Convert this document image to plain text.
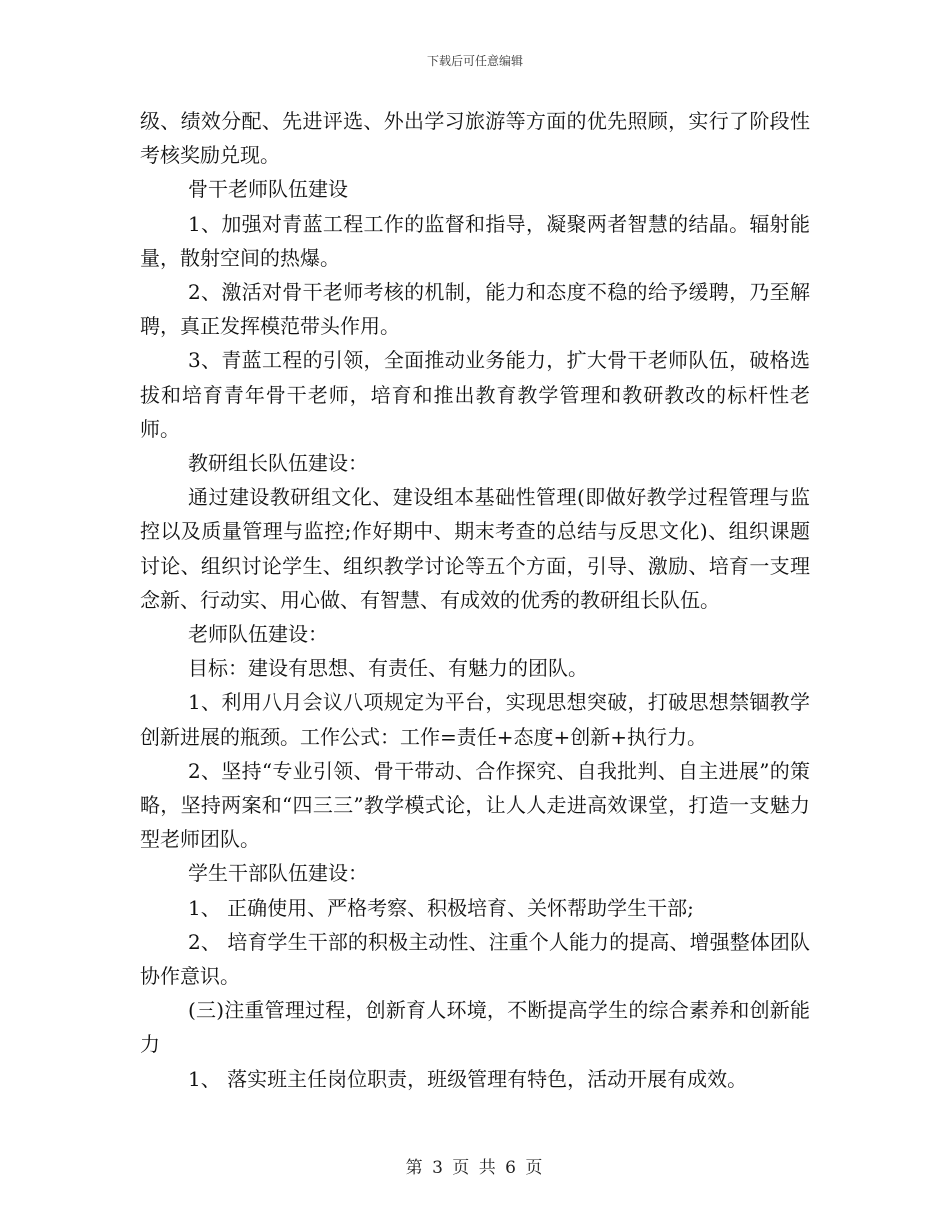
下载后可任意编辑

级、绩效分配、先进评选、外出学习旅游等方面的优先照顾，实行了阶段性考核奖励兑现。

骨干老师队伍建设

1、加强对青蓝工程工作的监督和指导，凝聚两者智慧的结晶。辐射能量，散射空间的热爆。

2、激活对骨干老师考核的机制，能力和态度不稳的给予缓聘，乃至解聘，真正发挥模范带头作用。

3、青蓝工程的引领，全面推动业务能力，扩大骨干老师队伍，破格选拔和培育青年骨干老师，培育和推出教育教学管理和教研教改的标杆性老师。

教研组长队伍建设：

通过建设教研组文化、建设组本基础性管理(即做好教学过程管理与监控以及质量管理与监控;作好期中、期末考查的总结与反思文化)、组织课题讨论、组织讨论学生、组织教学讨论等五个方面，引导、激励、培育一支理念新、行动实、用心做、有智慧、有成效的优秀的教研组长队伍。

老师队伍建设：

目标：建设有思想、有责任、有魅力的团队。

1、利用八月会议八项规定为平台，实现思想突破，打破思想禁锢教学创新进展的瓶颈。工作公式：工作=责任+态度+创新+执行力。

2、坚持“专业引领、骨干带动、合作探究、自我批判、自主进展”的策略，坚持两案和“四三三”教学模式论，让人人走进高效课堂，打造一支魅力型老师团队。

学生干部队伍建设：

1、 正确使用、严格考察、积极培育、关怀帮助学生干部;

2、 培育学生干部的积极主动性、注重个人能力的提高、增强整体团队协作意识。

(三)注重管理过程，创新育人环境，不断提高学生的综合素养和创新能力

1、 落实班主任岗位职责，班级管理有特色，活动开展有成效。

第 3 页 共 6 页
